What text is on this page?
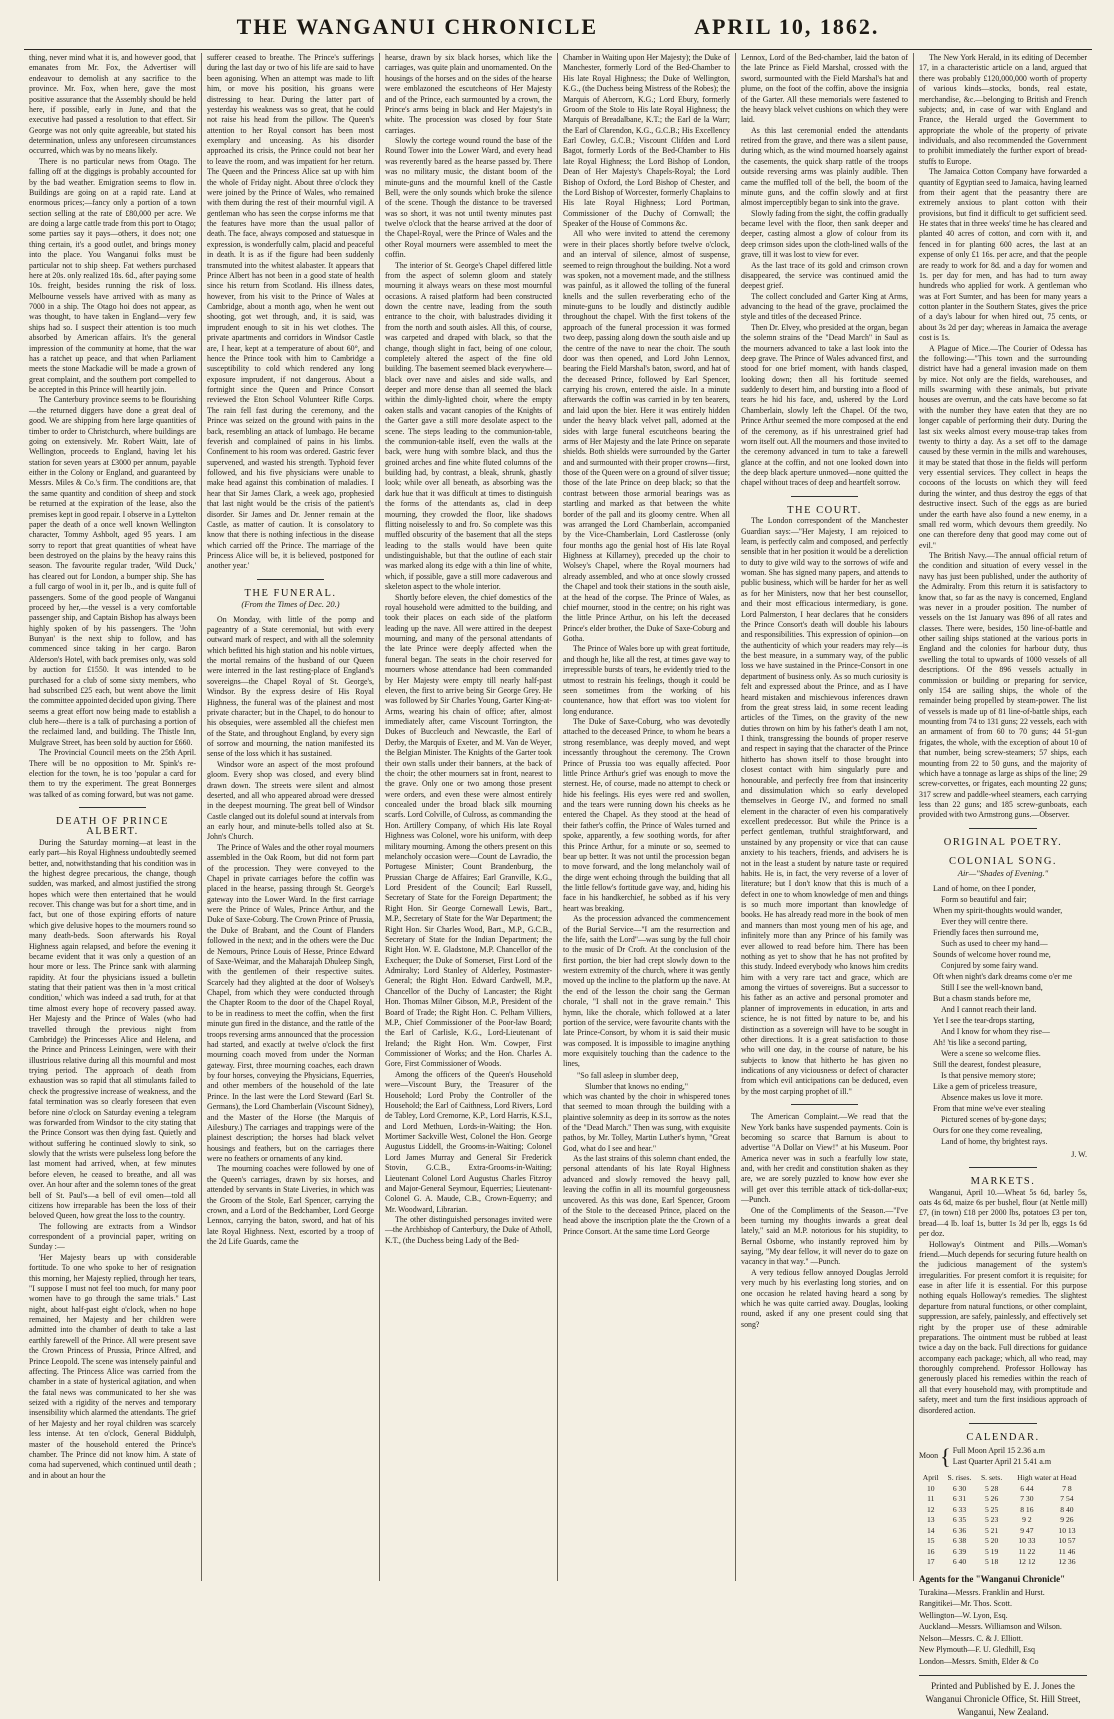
THE WANGANUI CHRONICLE	APRIL 10, 1862.

thing, never mind what it is, and however good, that emanates from Mr. Fox, the Advertiser will endeavour to demolish at any sacrifice to the province. Mr. Fox, when here, gave the most positive assurance that the Assembly should be held here, if possible, early in June, and that the executive had passed a resolution to that effect. Sir George was not only quite agreeable, but stated his determination, unless any unforeseen circumstances occurred, which was by no means likely.

There is no particular news from Otago. The falling off at the diggings is probably accounted for by the bad weather. Emigration seems to flow in. Buildings are going on at a rapid rate. Land at enormous prices;—fancy only a portion of a town section selling at the rate of £80,000 per acre. We are doing a large cattle trade from this port to Otago; some parties say it pays—others, it does not; one thing certain, it's a good outlet, and brings money into the place. You Wanganui folks must be particular not to ship sheep. Fat wethers purchased here at 20s. only realized 18s. 6d., after paying some 10s. freight, besides running the risk of loss. Melbourne vessels have arrived with as many as 7000 in a ship. The Otago hoi does not appear, as was thought, to have taken in England—very few ships had so. I suspect their attention is too much absorbed by American affairs. It's the general impression of the community at home, that the war has a ratchet up peace, and that when Parliament meets the stone Mackadie will be made a grown of great complaint, and the southern port compelled to be accepted in this Prince will heartily join.

The Canterbury province seems to be flourishing—the returned diggers have done a great deal of good. We are shipping from here large quantities of timber to order to Christchurch, where buildings are going on extensively. Mr. Robert Waitt, late of Wellington, proceeds to England, having let his station for seven years at £3000 per annum, payable either in the Colony or England, and guaranteed by Messrs. Miles & Co.'s firm. The conditions are, that the same quantity and condition of sheep and stock be returned at the expiration of the lease, also the premises kept in good repair. I observe in a Lyttelton paper the death of a once well known Wellington character, Tommy Ashbolt, aged 95 years. I am sorry to report that great quantities of wheat have been destroyed on the plains by the heavy rains this season. The favourite regular trader, 'Wild Duck,' has cleared out for London, a bumper ship. She has a full cargo of wool in it, per lb., and is quite full of passengers. Some of the good people of Wanganui proceed by her,—the vessel is a very comfortable passenger ship, and Captain Bishop has always been highly spoken of by his passengers. The 'John Bunyan' is the next ship to follow, and has commenced since taking in her cargo. Baron Alderson's Hotel, with back premises only, was sold by auction for £1550. It was intended to be purchased for a club of some sixty members, who had subscribed £25 each, but went above the limit the committee appointed decided upon giving. There seems a great effort now being made to establish a club here—there is a talk of purchasing a portion of the reclaimed land, and building. The Thistle Inn, Mulgrave Street, has been sold by auction for £660.

The Provincial Council meets on the 25th April. There will be no opposition to Mr. Spink's re-election for the town, he is too 'popular a card for them to try the experiment. The great Bonnerges was talked of as coming forward, but was not game.

DEATH OF PRINCE ALBERT.

During the Saturday morning—at least in the early part—his Royal Highness undoubtedly seemed better, and, notwithstanding that his condition was in the highest degree precarious, the change, though sudden, was marked, and almost justified the strong hopes which were then entertained that he would recover. This change was but for a short time, and in fact, but one of those expiring efforts of nature which give delusive hopes to the mourners round so many death-beds. Soon afterwards his Royal Highness again relapsed, and before the evening it became evident that it was only a question of an hour more or less. The Prince sank with alarming rapidity. At four the physicians issued a bulletin stating that their patient was then in 'a most critical condition,' which was indeed a sad truth, for at that time almost every hope of recovery passed away. Her Majesty and the Prince of Wales (who had travelled through the previous night from Cambridge) the Princesses Alice and Helena, and the Prince and Princess Leiningen, were with their illustrious relative during all this mournful and most trying period. The approach of death from exhaustion was so rapid that all stimulants failed to check the progressive increase of weakness, and the fatal termination was so clearly foreseen that even before nine o'clock on Saturday evening a telegram was forwarded from Windsor to the city stating that the Prince Consort was then dying fast. Quietly and without suffering he continued slowly to sink, so slowly that the wrists were pulseless long before the last moment had arrived, when, at few minutes before eleven, he ceased to breathe, and all was over. An hour after and the solemn tones of the great bell of St. Paul's—a bell of evil omen—told all citizens how irreparable has been the loss of their beloved Queen, how great the loss to the country.

The following are extracts from a Windsor correspondent of a provincial paper, writing on Sunday :—

'Her Majesty bears up with considerable fortitude. To one who spoke to her of resignation this morning, her Majesty replied, through her tears, "I suppose I must not feel too much, for many poor women have to go through the same trials." Last night, about half-past eight o'clock, when no hope remained, her Majesty and her children were admitted into the chamber of death to take a last earthly farewell of the Prince. All were present save the Crown Princess of Prussia, Prince Alfred, and Prince Leopold. The scene was intensely painful and affecting. The Princess Alice was carried from the chamber in a state of hysterical agitation, and when the fatal news was communicated to her she was seized with a rigidity of the nerves and temporary insensibility which alarmed the attendants. The grief of her Majesty and her royal children was scarcely less intense. At ten o'clock, General Biddulph, master of the household entered the Prince's chamber. The Prince did not know him. A state of coma had supervened, which continued until death ; and in about an hour the

sufferer ceased to breathe. The Prince's sufferings during the last day or two of his life are said to have been agonising. When an attempt was made to lift him, or move his position, his groans were distressing to hear. During the latter part of yesterday his weakness was so great, that he could not raise his head from the pillow. The Queen's attention to her Royal consort has been most exemplary and unceasing. As his disorder approached its crisis, the Prince could not bear her to leave the room, and was impatient for her return. The Queen and the Princess Alice sat up with him the whole of Friday night. About three o'clock they were joined by the Prince of Wales, who remained with them during the rest of their mournful vigil. A gentleman who has seen the corpse informs me that the features have more than the usual pallor of death. The face, always composed and statuesque in expression, is wonderfully calm, placid and peaceful in death. It is as if the figure had been suddenly transmuted into the whitest alabaster. It appears that Prince Albert has not been in a good state of health since his return from Scotland. His illness dates, however, from his visit to the Prince of Wales at Cambridge, about a month ago, when he went out shooting, got wet through, and, it is said, was imprudent enough to sit in his wet clothes. The private apartments and corridors in Windsor Castle are, I hear, kept at a temperature of about 60°, and hence the Prince took with him to Cambridge a susceptibility to cold which rendered any long exposure imprudent, if not dangerous. About a fortnight since the Queen and Prince Consort reviewed the Eton School Volunteer Rifle Corps. The rain fell fast during the ceremony, and the Prince was seized on the ground with pains in the back, resembling an attack of lumbago. He became feverish and complained of pains in his limbs. Confinement to his room was ordered. Gastric fever supervened, and wasted his strength. Typhoid fever followed, and his five physicians were unable to make head against this combination of maladies. I hear that Sir James Clark, a week ago, prophesied that last night would be the crisis of the patient's disorder. Sir James and Dr. Jenner remain at the Castle, as matter of caution. It is consolatory to know that there is nothing infectious in the disease which carried off the Prince. The marriage of the Princess Alice will be, it is believed, postponed for another year.'

THE FUNERAL.

(From the Times of Dec. 20.)

On Monday, with little of the pomp and pageantry of a State ceremonial, but with every outward mark of respect, and with all the solemnity which befitted his high station and his noble virtues, the mortal remains of the husband of our Queen were interred in the last resting-place of England's sovereigns—the Chapel Royal of St. George's, Windsor. By the express desire of His Royal Highness, the funeral was of the plainest and most private character; but in the Chapel, to do honour to his obsequies, were assembled all the chiefest men of the State, and throughout England, by every sign of sorrow and mourning, the nation manifested its sense of the loss which it has sustained.

Windsor wore an aspect of the most profound gloom. Every shop was closed, and every blind drawn down. The streets were silent and almost deserted, and all who appeared abroad were dressed in the deepest mourning. The great bell of Windsor Castle clanged out its doleful sound at intervals from an early hour, and minute-bells tolled also at St. John's Church.

The Prince of Wales and the other royal mourners assembled in the Oak Room, but did not form part of the procession. They were conveyed to the Chapel in private carriages before the coffin was placed in the hearse, passing through St. George's gateway into the Lower Ward. In the first carriage were the Prince of Wales, Prince Arthur, and the Duke of Saxe-Coburg. The Crown Prince of Prussia, the Duke of Brabant, and the Count of Flanders followed in the next; and in the others were the Duc de Nemours, Prince Louis of Hesse, Prince Edward of Saxe-Weimar, and the Maharajah Dhuleep Singh, with the gentlemen of their respective suites. Scarcely had they alighted at the door of Wolsey's Chapel, from which they were conducted through the Chapter Room to the door of the Chapel Royal, to be in readiness to meet the coffin, when the first minute gun fired in the distance, and the rattle of the troops reversing arms announced that the procession had started, and exactly at twelve o'clock the first mourning coach moved from under the Norman gateway. First, three mourning coaches, each drawn by four horses, conveying the Physicians, Equerries, and other members of the household of the late Prince. In the last were the Lord Steward (Earl St. Germans), the Lord Chamberlain (Viscount Sidney), and the Master of the Horse (the Marquis of Ailesbury.) The carriages and trappings were of the plainest description; the horses had black velvet housings and feathers, but on the carriages there were no feathers or ornaments of any kind.

The mourning coaches were followed by one of the Queen's carriages, drawn by six horses, and attended by servants in State Liveries, in which was the Groom of the Stole, Earl Spencer, carrying the crown, and a Lord of the Bedchamber, Lord George Lennox, carrying the baton, sword, and hat of his late Royal Highness. Next, escorted by a troop of the 2d Life Guards, came the

hearse, drawn by six black horses, which like the carriages, was quite plain and unornamented. On the housings of the horses and on the sides of the hearse were emblazoned the escutcheons of Her Majesty and of the Prince, each surmounted by a crown, the Prince's arms being in black and Her Majesty's in white. The procession was closed by four State carriages.

Slowly the cortege wound round the base of the Round Tower into the Lower Ward, and every head was reverently bared as the hearse passed by. There was no military music, the distant boom of the minute-guns and the mournful knell of the Castle Bell, were the only sounds which broke the silence of the scene. Though the distance to be traversed was so short, it was not until twenty minutes past twelve o'clock that the hearse arrived at the door of the Chapel-Royal, were the Prince of Wales and the other Royal mourners were assembled to meet the coffin.

The interior of St. George's Chapel differed little from the aspect of solemn gloom and stately mourning it always wears on these most mournful occasions. A raised platform had been constructed down the centre nave, leading from the south entrance to the choir, with balustrades dividing it from the north and south aisles. All this, of course, was carpeted and draped with black, so that the change, though slight in fact, being of one colour, completely altered the aspect of the fine old building. The basement seemed black everywhere—black over nave and aisles and side walls, and deeper and more dense than all seemed the black within the dimly-lighted choir, where the empty oaken stalls and vacant canopies of the Knights of the Garter gave a still more desolate aspect to the scene. The steps leading to the communion-table, the communion-table itself, even the walls at the back, were hung with sombre black, and thus the groined arches and fine white fluted columns of the building had, by contrast, a bleak, shrunk, ghastly look; while over all beneath, as absorbing was the dark hue that it was difficult at times to distinguish the forms of the attendants as, clad in deep mourning, they crowded the floor, like shadows flitting noiselessly to and fro. So complete was this muffled obscurity of the basement that all the steps leading to the stalls would have been quite undistinguishable, but that the outline of each stair was marked along its edge with a thin line of white, which, if possible, gave a still more cadaverous and skeleton aspect to the whole interior.

Shortly before eleven, the chief domestics of the royal household were admitted to the building, and took their places on each side of the platform leading up the nave. All were attired in the deepest mourning, and many of the personal attendants of the late Prince were deeply affected when the funeral began. The seats in the choir reserved for mourners whose attendance had been commanded by Her Majesty were empty till nearly half-past eleven, the first to arrive being Sir George Grey. He was followed by Sir Charles Young, Garter King-at-Arms, wearing his chain of office; after, almost immediately after, came Viscount Torrington, the Dukes of Buccleuch and Newcastle, the Earl of Derby, the Marquis of Exeter, and M. Van de Weyer, the Belgian Minister. The Knights of the Garter took their own stalls under their banners, at the back of the choir; the other mourners sat in front, nearest to the grave. Only one or two among those present were orders, and even these were almost entirely concealed under the broad black silk mourning scarfs. Lord Colville, of Culross, as commanding the Hon. Artillery Company, of which His late Royal Highness was Colonel, wore his uniform, with deep military mourning. Among the others present on this melancholy occasion were—Count de Lavradio, the Portugese Minister; Count Brandenburg, the Prussian Charge de Affaires; Earl Granville, K.G., Lord President of the Council; Earl Russell, Secretary of State for the Foreign Department; the Right Hon. Sir George Cornewall Lewis, Bart., M.P., Secretary of State for the War Department; the Right Hon. Sir Charles Wood, Bart., M.P., G.C.B., Secretary of State for the Indian Department; the Right Hon. W. E. Gladstone, M.P. Chancellor of the Exchequer; the Duke of Somerset, First Lord of the Admiralty; Lord Stanley of Alderley, Postmaster-General; the Right Hon. Edward Cardwell, M.P., Chancellor of the Duchy of Lancaster; the Right Hon. Thomas Milner Gibson, M.P., President of the Board of Trade; the Right Hon. C. Pelham Villiers, M.P., Chief Commissioner of the Poor-law Board; the Earl of Carlisle, K.G., Lord-Lieutenant of Ireland; the Right Hon. Wm. Cowper, First Commissioner of Works; and the Hon. Charles A. Gore, First Commissioner of Woods.

Among the officers of the Queen's Household were—Viscount Bury, the Treasurer of the Household; Lord Proby the Controller of the Household; the Earl of Caithness, Lord Rivers, Lord de Tabley, Lord Cremorne, K.P., Lord Harris, K.S.I., and Lord Methuen, Lords-in-Waiting; the Hon. Mortimer Sackville West, Colonel the Hon. George Augustus Liddell, the Grooms-in-Waiting; Colonel Lord James Murray and General Sir Frederick Stovin, G.C.B., Extra-Grooms-in-Waiting; Lieutenant Colonel Lord Augustus Charles Fitzroy and Major-General Seymour, Equerries; Lieutenant-Colonel G. A. Maude, C.B., Crown-Equerry; and Mr. Woodward, Librarian.

The other distinguished personages invited were—the Archbishop of Canterbury, the Duke of Atholl, K.T., (the Duchess being Lady of the Bed-

Chamber in Waiting upon Her Majesty); the Duke of Manchester, formerly Lord of the Bed-Chamber to His late Royal Highness; the Duke of Wellington, K.G., (the Duchess being Mistress of the Robes); the Marquis of Abercorn, K.G.; Lord Ebury, formerly Groom of the Stole to His late Royal Highness; the Marquis of Breadalbane, K.T.; the Earl de la Warr; the Earl of Clarendon, K.G., G.C.B.; His Excellency Earl Cowley, G.C.B.; Viscount Clifden and Lord Bagot, formerly Lords of the Bed-Chamber to His late Royal Highness; the Lord Bishop of London, Dean of Her Majesty's Chapels-Royal; the Lord Bishop of Oxford, the Lord Bishop of Chester, and the Lord Bishop of Worcester, formerly Chaplains to His late Royal Highness; Lord Portman, Commissioner of the Duchy of Cornwall; the Speaker of the House of Commons &c.

All who were invited to attend the ceremony were in their places shortly before twelve o'clock, and an interval of silence, almost of suspense, seemed to reign throughout the building. Not a word was spoken, not a movement made, and the stillness was painful, as it allowed the tolling of the funeral knells and the sullen reverberating echo of the minute-guns to be loudly and distinctly audible throughout the chapel. With the first tokens of the approach of the funeral procession it was formed two deep, passing along down the south aisle and up the centre of the nave to near the choir. The south door was then opened, and Lord John Lennox, bearing the Field Marshal's baton, sword, and hat of the deceased Prince, followed by Earl Spencer, carrying his crown, entered the aisle. In a minute afterwards the coffin was carried in by ten bearers, and laid upon the bier. Here it was entirely hidden under the heavy black velvet pall, adorned at the sides with large funeral escutcheons bearing the arms of Her Majesty and the late Prince on separate shields. Both shields were surrounded by the Garter and and surmounted with their proper crowns—first, those of the Queen were on a ground of silver tissue; those of the late Prince on deep black; so that the contrast between those armorial bearings was as startling and marked as that between the white border of the pall and its gloomy centre. When all was arranged the Lord Chamberlain, accompanied by the Vice-Chamberlain, Lord Castlerosse (only four months ago the genial host of His late Royal Highness at Killarney), preceded up the choir to Wolsey's Chapel, where the Royal mourners had already assembled, and who at once slowly crossed the Chapel and took their stations in the south aisle, at the head of the corpse. The Prince of Wales, as chief mourner, stood in the centre; on his right was the little Prince Arthur, on his left the deceased Prince's elder brother, the Duke of Saxe-Coburg and Gotha.

The Prince of Wales bore up with great fortitude, and though he, like all the rest, at times gave way to irrepressible bursts of tears, he evidently tried to the utmost to restrain his feelings, though it could be seen sometimes from the working of his countenance, how that effort was too violent for long endurance.

The Duke of Saxe-Coburg, who was devotedly attached to the deceased Prince, to whom he bears a strong resemblance, was deeply moved, and wept incessantly throughout the ceremony. The Crown Prince of Prussia too was equally affected. Poor little Prince Arthur's grief was enough to move the sternest. He, of course, made no attempt to check or hide his feelings. His eyes were red and swollen, and the tears were running down his cheeks as he entered the Chapel. As they stood at the head of their father's coffin, the Prince of Wales turned and spoke, apparently, a few soothing words, for after this Prince Arthur, for a minute or so, seemed to bear up better. It was not until the procession began to move forward, and the long melancholy wail of the dirge went echoing through the building that all the little fellow's fortitude gave way, and, hiding his face in his handkerchief, he sobbed as if his very heart was breaking.

As the procession advanced the commencement of the Burial Service—"I am the resurrection and the life, saith the Lord"—was sung by the full choir to the music of Dr Croft. At the conclusion of the first portion, the bier had crept slowly down to the western extremity of the church, where it was gently moved up the incline to the platform up the nave. At the end of the lesson the choir sang the German chorale, "I shall not in the grave remain." This hymn, like the chorale, which followed at a later portion of the service, were favourite chants with the late Prince-Consort, by whom it is said their music was composed. It is impossible to imagine anything more exquisitely touching than the cadence to the lines,

"So fall asleep in slumber deep,
Slumber that knows no ending,"

which was chanted by the choir in whispered tones that seemed to moan through the building with a plaintive solemnity as deep in its sorrow as the notes of the "Dead March." Then was sung, with exquisite pathos, by Mr. Tolley, Martin Luther's hymn, "Great God, what do I see and hear."

As the last strains of this solemn chant ended, the personal attendants of his late Royal Highness advanced and slowly removed the heavy pall, leaving the coffin in all its mournful gorgeousness uncovered. As this was done, Earl Spencer, Groom of the Stole to the deceased Prince, placed on the head above the inscription plate the the Crown of a Prince Consort. At the same time Lord George

Lennox, Lord of the Bed-chamber, laid the baton of the late Prince as Field Marshal, crossed with the sword, surmounted with the Field Marshal's hat and plume, on the foot of the coffin, above the insignia of the Garter. All these memorials were fastened to the heavy black velvet cushions on which they were laid.

As this last ceremonial ended the attendants retired from the grave, and there was a silent pause, during which, as the wind mourned hoarsely against the casements, the quick sharp rattle of the troops outside reversing arms was plainly audible. Then came the muffled toll of the bell, the boom of the minute guns, and the coffin slowly and at first almost imperceptibly began to sink into the grave.

Slowly fading from the sight, the coffin gradually became level with the floor, then sank deeper and deeper, casting almost a glow of colour from its deep crimson sides upon the cloth-lined walls of the grave, till it was lost to view for ever.

As the last trace of its gold and crimson crown disappeared, the service was continued amid the deepest grief.

The collect concluded and Garter King at Arms, advancing to the head of the grave, proclaimed the style and titles of the deceased Prince.

Then Dr. Elvey, who presided at the organ, began the solemn strains of the "Dead March" in Saul as the mourners advanced to take a last look into the deep grave. The Prince of Wales advanced first, and stood for one brief moment, with hands clasped, looking down; then all his fortitude seemed suddenly to desert him, and bursting into a flood of tears he hid his face, and, ushered by the Lord Chamberlain, slowly left the Chapel. Of the two, Prince Arthur seemed the more composed at the end of the ceremony, as if his unrestrained grief had worn itself out. All the mourners and those invited to the ceremony advanced in turn to take a farewell glance at the coffin, and not one looked down into the deep black aperture unmoved—none quitted the chapel without traces of deep and heartfelt sorrow.

THE COURT.

The London correspondent of the Manchester Guardian says:—"Her Majesty, I am rejoiced to learn, is perfectly calm and composed, and perfectly sensible that in her position it would be a dereliction to duty to give wild way to the sorrows of wife and woman. She has signed many papers, and attends to public business, which will be harder for her as well as for her Ministers, now that her best counsellor, and their most efficacious intermediary, is gone. Lord Palmerston, I hear declares that he considers the Prince Consort's death will double his labours and responsibilities. This expression of opinion—on the authenticity of which your readers may rely—is the best measure, in a summary way, of the public loss we have sustained in the Prince-Consort in one department of business only. As so much curiosity is felt and expressed about the Prince, and as I have heard mistaken and mischievous inferences drawn from the great stress laid, in some recent leading articles of the Times, on the gravity of the new duties thrown on him by his father's death I am not, I think, transgressing the bounds of proper reserve and respect in saying that the character of the Prince hitherto has shown itself to those brought into closest contact with him singularly pure and honourable, and perfectly free from that insincerity and dissimulation which so early developed themselves in George IV., and formed no small element in the character of even his comparatively excellent predecessor. But while the Prince is a perfect gentleman, truthful straightforward, and unstained by any propensity or vice that can cause anxiety to his teachers, friends, and advisers he is not in the least a student by nature taste or required habits. He is, in fact, the very reverse of a lover of literature; but I don't know that this is much of a defect in one to whom knowledge of men and things is so much more important than knowledge of books. He has already read more in the book of men and manners than most young men of his age, and infinitely more than any Prince of his family was ever allowed to read before him. There has been nothing as yet to show that he has not profited by this study. Indeed everybody who knows him credits him with a very rare tact and grace, which are among the virtues of sovereigns. But a successor to his father as an active and personal promoter and planner of improvements in education, in arts and science, he is not fitted by nature to be, and his distinction as a sovereign will have to be sought in other directions. It is a great satisfaction to those who will one day, in the course of nature, be his subjects to know that hitherto he has given no indications of any viciousness or defect of character from which evil anticipations can be deduced, even by the most carping prophet of ill."

The American Complaint.—We read that the New York banks have suspended payments. Coin is becoming so scarce that Barnum is about to advertise "A Dollar on View!" at his Museum. Poor America never was in such a fearfully low state, and, with her credit and constitution shaken as they are, we are sorely puzzled to know how ever she will get over this terrible attack of tick-dollar-eux; —Punch.

One of the Compliments of the Season.—"I've been turning my thoughts inwards a great deal lately," said an M.P. notorious for his stupidity, to Bernal Osborne, who instantly reproved him by saying, "My dear fellow, it will never do to gaze on vacancy in that way." —Punch.

A very tedious fellow annoyed Douglas Jerrold very much by his everlasting long stories, and on one occasion he related having heard a song by which he was quite carried away. Douglas, looking round, asked if any one present could sing that song?

The New York Herald, in its editing of December 17, in a characteristic article on a land, argued that there was probably £120,000,000 worth of property of various kinds—stocks, bonds, real estate, merchandise, &c.—belonging to British and French subjects; and, in case of war with England and France, the Herald urged the Government to appropriate the whole of the property of private individuals, and also recommended the Government to prohibit immediately the further export of bread-stuffs to Europe.

The Jamaica Cotton Company have forwarded a quantity of Egyptian seed to Jamaica, having learned from their agent that the peasantry there are extremely anxious to plant cotton with their provisions, but find it difficult to get sufficient seed. He states that in three weeks' time he has cleared and planted 40 acres of cotton, and corn with it, and fenced in for planting 600 acres, the last at an expense of only £1 16s. per acre, and that the people are ready to work for 8d. and a day for women and 1s. per day for men, and has had to turn away hundreds who applied for work. A gentleman who was at Fort Sumter, and has been for many years a cotton planter in the Southern States, gives the price of a day's labour for when hired out, 75 cents, or about 3s 2d per day; whereas in Jamaica the average cost is 1s.

A Plague of Mice.—The Courier of Odessa has the following:—"This town and the surrounding district have had a general invasion made on them by mice. Not only are the fields, warehouses, and mills swarming with these animals, but private houses are overrun, and the cats have become so fat with the number they have eaten that they are no longer capable of performing their duty. During the last six weeks almost every mouse-trap takes from twenty to thirty a day. As a set off to the damage caused by these vermin in the mills and warehouses, it may be stated that those in the fields will perform very essential services. They collect in heaps the cocoons of the locusts on which they will feed during the winter, and thus destroy the eggs of that destructive insect. Such of the eggs as are buried under the earth have also found a new enemy, in a small red worm, which devours them greedily. No one can therefore deny that good may come out of evil."

The British Navy.—The annual official return of the condition and situation of every vessel in the navy has just been published, under the authority of the Admiralty. From this return it is satisfactory to know that, so far as the navy is concerned, England was never in a prouder position. The number of vessels on the 1st January was 896 of all rates and classes. There were, besides, 150 line-of-battle and other sailing ships stationed at the various ports in England and the colonies for harbour duty, thus swelling the total to upwards of 1000 vessels of all descriptions. Of the 896 vessels actually in commission or building or preparing for service, only 154 are sailing ships, the whole of the remainder being propelled by steam-power. The list of vessels is made up of 81 line-of-battle ships, each mounting from 74 to 131 guns; 22 vessels, each with an armament of from 60 to 70 guns; 44 51-gun frigates, the whole, with the exception of about 10 of that number, being screw-steamers; 57 ships, each mounting from 22 to 50 guns, and the majority of which have a tonnage as large as ships of the line; 29 screw-corvettes, or frigates, each mounting 22 guns; 317 screw and paddle-wheel steamers, each carrying less than 22 guns; and 185 screw-gunboats, each provided with two Armstrong guns.—Observer.

ORIGINAL POETRY.

COLONIAL SONG.

Air—"Shades of Evening."
Land of home, on thee I ponder,
Form so beautiful and fair;
When my spirit-thoughts would wander,
Ever they will centre there.
Friendly faces then surround me,
Such as used to cheer my hand—
Sounds of welcome hover round me,
Conjured by some fairy wand.
Oft when night's dark dreams come o'er me
Still I see the well-known band,
But a chasm stands before me,
And I cannot reach their land.
Yet I see the tear-drops starting,
And I know for whom they rise—
Ah! 'tis like a second parting,
Were a scene so welcome flies.
Still the dearest, fondest pleasure,
Is that pensive memory store;
Like a gem of priceless treasure,
Absence makes us love it more.
From that mine we've ever stealing
Pictured scenes of by-gone days;
Ours for one they come revealing,
Land of home, thy brightest rays.
J. W.

MARKETS.

Wanganui, April 10.—Wheat 5s 6d, barley 5s, oats 4s 6d, maize 6s per bushel, flour (at Nettle mill) £7, (in town) £18 per 2000 lbs, potatoes £3 per ton, bread—4 lb. loaf 1s, butter 1s 3d per lb, eggs 1s 6d per doz.

Holloway's Ointment and Pills.—Woman's friend.—Much depends for securing future health on the judicious management of the system's irregularities. For present comfort it is requisite; for ease in after life it is essential. For this purpose nothing equals Holloway's remedies. The slightest departure from natural functions, or other complaint, suppression, are safely, painlessly, and effectively set right by the proper use of these admirable preparations. The ointment must be rubbed at least twice a day on the back. Full directions for guidance accompany each package; which, all who read, may thoroughly comprehend. Professor Holloway has generously placed his remedies within the reach of all that every household may, with promptitude and safety, meet and turn the first insidious approach of disordered action.

CALENDAR.

Moon { Full Moon April 15 2.36 a.m
Last Quarter April 21 5.41 a.m
April	S. rises.	S. sets.	High water at Head	
10	6 30	5 28	6 44	7 8
11	6 31	5 26	7 30	7 54
12	6 33	5 25	8 16	8 40
13	6 35	5 23	9 2	9 26
14	6 36	5 21	9 47	10 13
15	6 38	5 20	10 33	10 57
16	6 39	5 19	11 22	11 46
17	6 40	5 18	12 12	12 36
Agents for the "Wanganui Chronicle"
Turakina—Messrs. Franklin and Hurst.
Rangitikei—Mr. Thos. Scott.
Wellington—W. Lyon, Esq.
Auckland—Messrs. Williamson and Wilson.
Nelson—Messrs. C. & J. Elliott.
New Plymouth—F. U. Gledhill, Esq
London—Messrs. Smith, Elder & Co
Printed and Published by E. J. Jones the Wanganui Chronicle Office, St. Hill Street, Wanganui, New Zealand.
